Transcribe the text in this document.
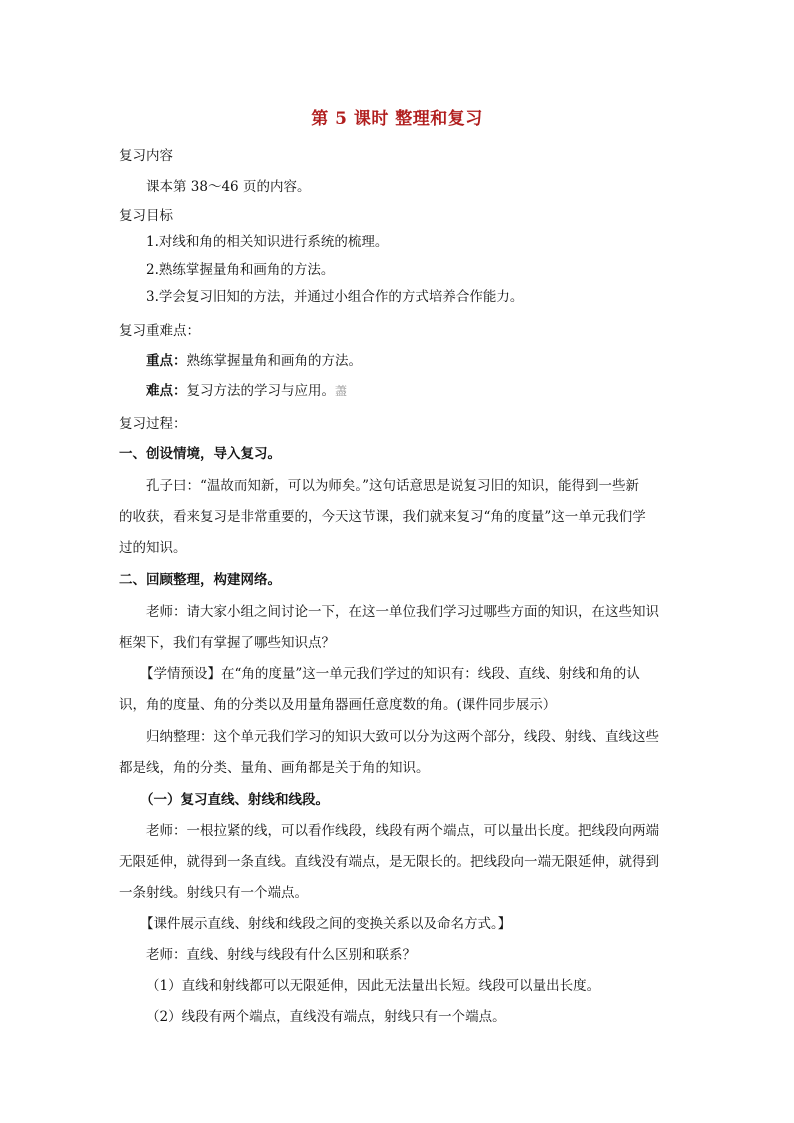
第 5 课时 整理和复习
复习内容
课本第 38～46 页的内容。
复习目标
1.对线和角的相关知识进行系统的梳理。
2.熟练掌握量角和画角的方法。
3.学会复习旧知的方法，并通过小组合作的方式培养合作能力。
复习重难点：
重点：熟练掌握量角和画角的方法。
难点：复习方法的学习与应用。藎
复习过程：
一、创设情境，导入复习。
孔子曰：“温故而知新，可以为师矣。”这句话意思是说复习旧的知识，能得到一些新
的收获，看来复习是非常重要的，今天这节课，我们就来复习“角的度量”这一单元我们学
过的知识。
二、回顾整理，构建网络。
老师：请大家小组之间讨论一下，在这一单位我们学习过哪些方面的知识，在这些知识
框架下，我们有掌握了哪些知识点？
【学情预设】在“角的度量”这一单元我们学过的知识有：线段、直线、射线和角的认
识，角的度量、角的分类以及用量角器画任意度数的角。(课件同步展示）
归纳整理：这个单元我们学习的知识大致可以分为这两个部分，线段、射线、直线这些
都是线，角的分类、量角、画角都是关于角的知识。
（一）复习直线、射线和线段。
老师：一根拉紧的线，可以看作线段，线段有两个端点，可以量出长度。把线段向两端
无限延伸，就得到一条直线。直线没有端点，是无限长的。把线段向一端无限延伸，就得到
一条射线。射线只有一个端点。
【课件展示直线、射线和线段之间的变换关系以及命名方式。】
老师：直线、射线与线段有什么区别和联系？
（1）直线和射线都可以无限延伸，因此无法量出长短。线段可以量出长度。
（2）线段有两个端点，直线没有端点，射线只有一个端点。
